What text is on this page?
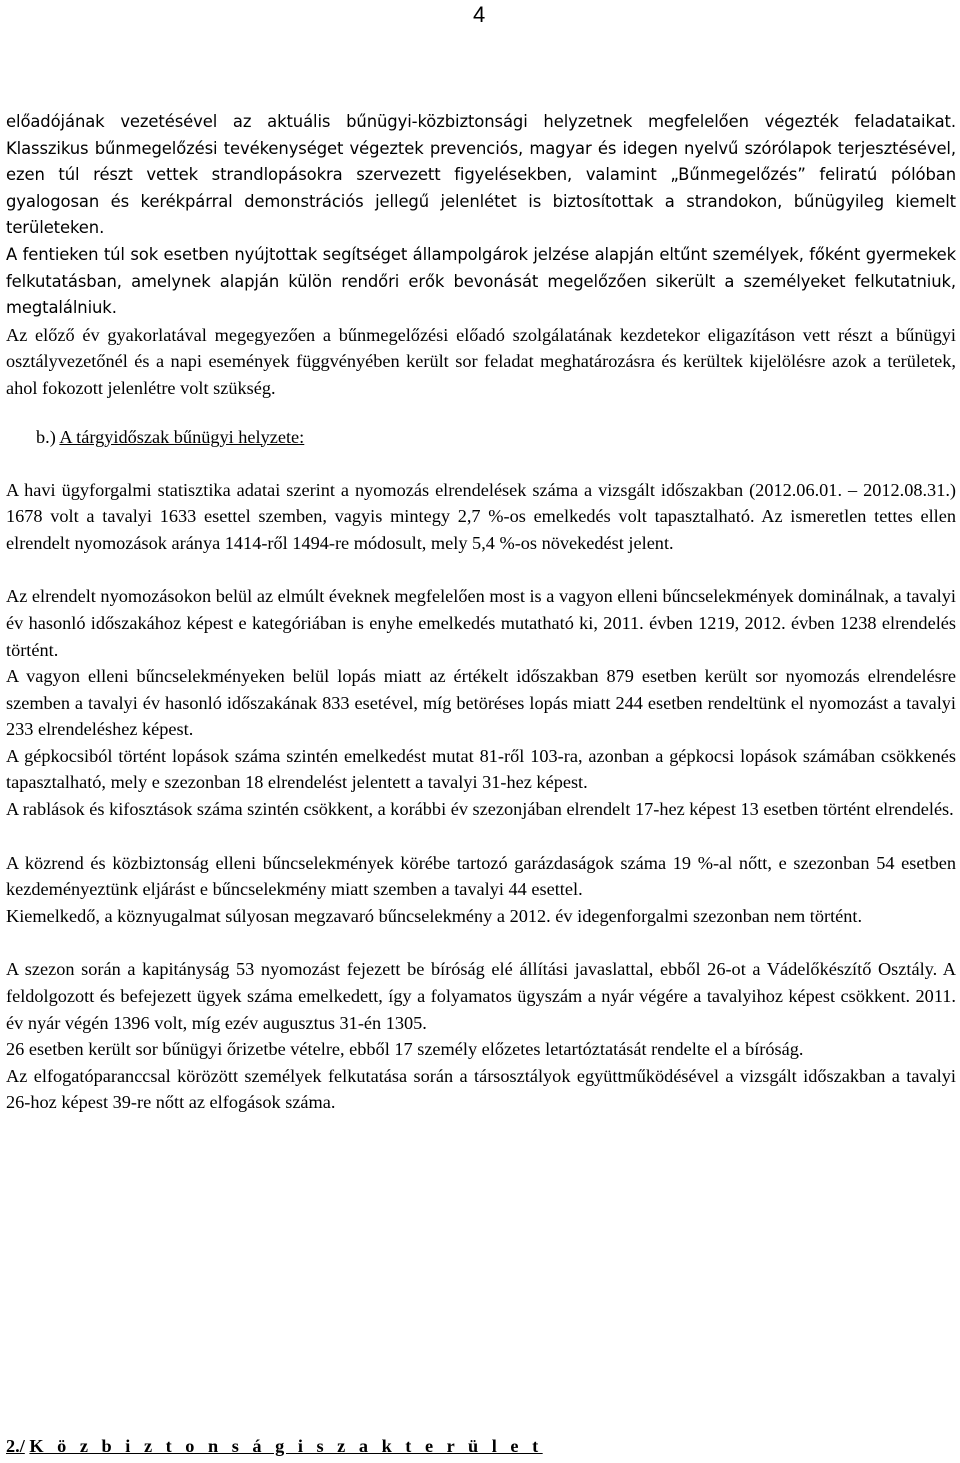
4

előadójának vezetésével az aktuális bűnügyi-közbiztonsági helyzetnek megfelelően végezték feladataikat. Klasszikus bűnmegelőzési tevékenységet végeztek prevenciós, magyar és idegen nyelvű szórólapok terjesztésével, ezen túl részt vettek strandlopásokra szervezett figyelésekben, valamint „Bűnmegelőzés” feliratú pólóban gyalogosan és kerékpárral demonstrációs jellegű jelenlétet is biztosítottak a strandokon, bűnügyileg kiemelt területeken.

A fentieken túl sok esetben nyújtottak segítséget állampolgárok jelzése alapján eltűnt személyek, főként gyermekek felkutatásban, amelynek alapján külön rendőri erők bevonását megelőzően sikerült a személyeket felkutatniuk, megtalálniuk.

Az előző év gyakorlatával megegyezően a bűnmegelőzési előadó szolgálatának kezdetekor eligazításon vett részt a bűnügyi osztályvezetőnél és a napi események függvényében került sor feladat meghatározásra és kerültek kijelölésre azok a területek, ahol fokozott jelenlétre volt szükség.

b.) A tárgyidőszak bűnügyi helyzete:

A havi ügyforgalmi statisztika adatai szerint a nyomozás elrendelések száma a vizsgált időszakban (2012.06.01. – 2012.08.31.) 1678 volt a tavalyi 1633 esettel szemben, vagyis mintegy 2,7 %-os emelkedés volt tapasztalható. Az ismeretlen tettes ellen elrendelt nyomozások aránya 1414-ről 1494-re módosult, mely 5,4 %-os növekedést jelent.

Az elrendelt nyomozásokon belül az elmúlt éveknek megfelelően most is a vagyon elleni bűncselekmények dominálnak, a tavalyi év hasonló időszakához képest e kategóriában is enyhe emelkedés mutatható ki, 2011. évben 1219, 2012. évben 1238 elrendelés történt.

A vagyon elleni bűncselekményeken belül lopás miatt az értékelt időszakban 879 esetben került sor nyomozás elrendelésre szemben a tavalyi év hasonló időszakának 833 esetével, míg betöréses lopás miatt 244 esetben rendeltünk el nyomozást a tavalyi 233 elrendeléshez képest.

A gépkocsiból történt lopások száma szintén emelkedést mutat 81-ről 103-ra, azonban a gépkocsi lopások számában csökkenés tapasztalható, mely e szezonban 18 elrendelést jelentett a tavalyi 31-hez képest.

A rablások és kifosztások száma szintén csökkent, a korábbi év szezonjában elrendelt 17-hez képest 13 esetben történt elrendelés.

A közrend és közbiztonság elleni bűncselekmények körébe tartozó garázdaságok száma 19 %-al nőtt, e szezonban 54 esetben kezdeményeztünk eljárást e bűncselekmény miatt szemben a tavalyi 44 esettel.

Kiemelkedő, a köznyugalmat súlyosan megzavaró bűncselekmény a 2012. év idegenforgalmi szezonban nem történt.

A szezon során a kapitányság 53 nyomozást fejezett be bíróság elé állítási javaslattal, ebből 26-ot a Vádelőkészítő Osztály. A feldolgozott és befejezett ügyek száma emelkedett, így a folyamatos ügyszám a nyár végére a tavalyihoz képest csökkent. 2011. év nyár végén 1396 volt, míg ezév augusztus 31-én 1305.

26 esetben került sor bűnügyi őrizetbe vételre, ebből 17 személy előzetes letartóztatását rendelte el a bíróság.

Az elfogatóparanccsal körözött személyek felkutatása során a társosztályok együttműködésével a vizsgált időszakban a tavalyi 26-hoz képest 39-re nőtt az elfogások száma.

2./ K ö z b i z t o n s á g i s z a k t e r ü l e t
